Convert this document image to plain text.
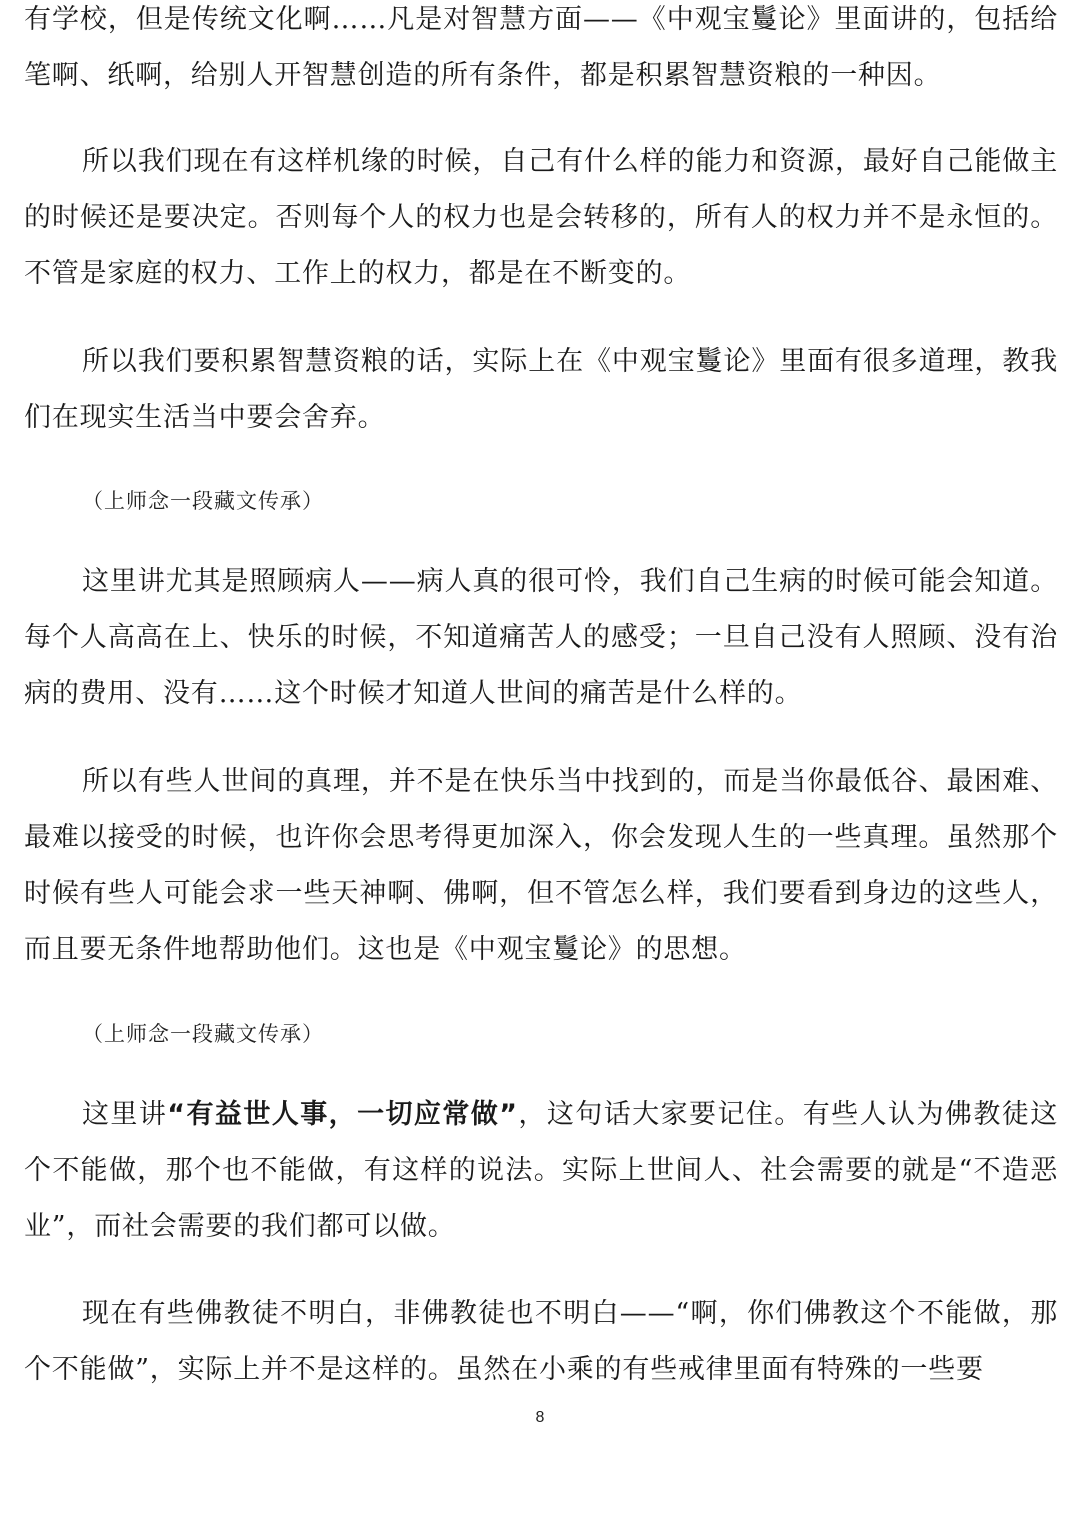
有学校，但是传统文化啊……凡是对智慧方面——《中观宝鬘论》里面讲的，包括给笔啊、纸啊，给别人开智慧创造的所有条件，都是积累智慧资粮的一种因。

所以我们现在有这样机缘的时候，自己有什么样的能力和资源，最好自己能做主的时候还是要决定。否则每个人的权力也是会转移的，所有人的权力并不是永恒的。不管是家庭的权力、工作上的权力，都是在不断变的。

所以我们要积累智慧资粮的话，实际上在《中观宝鬘论》里面有很多道理，教我们在现实生活当中要会舍弃。

（上师念一段藏文传承）

这里讲尤其是照顾病人——病人真的很可怜，我们自己生病的时候可能会知道。每个人高高在上、快乐的时候，不知道痛苦人的感受；一旦自己没有人照顾、没有治病的费用、没有……这个时候才知道人世间的痛苦是什么样的。

所以有些人世间的真理，并不是在快乐当中找到的，而是当你最低谷、最困难、最难以接受的时候，也许你会思考得更加深入，你会发现人生的一些真理。虽然那个时候有些人可能会求一些天神啊、佛啊，但不管怎么样，我们要看到身边的这些人，而且要无条件地帮助他们。这也是《中观宝鬘论》的思想。

（上师念一段藏文传承）

这里讲“有益世人事，一切应常做”，这句话大家要记住。有些人认为佛教徒这个不能做，那个也不能做，有这样的说法。实际上世间人、社会需要的就是“不造恶业”，而社会需要的我们都可以做。

现在有些佛教徒不明白，非佛教徒也不明白——“啊，你们佛教这个不能做，那个不能做”，实际上并不是这样的。虽然在小乘的有些戒律里面有特殊的一些要

8
